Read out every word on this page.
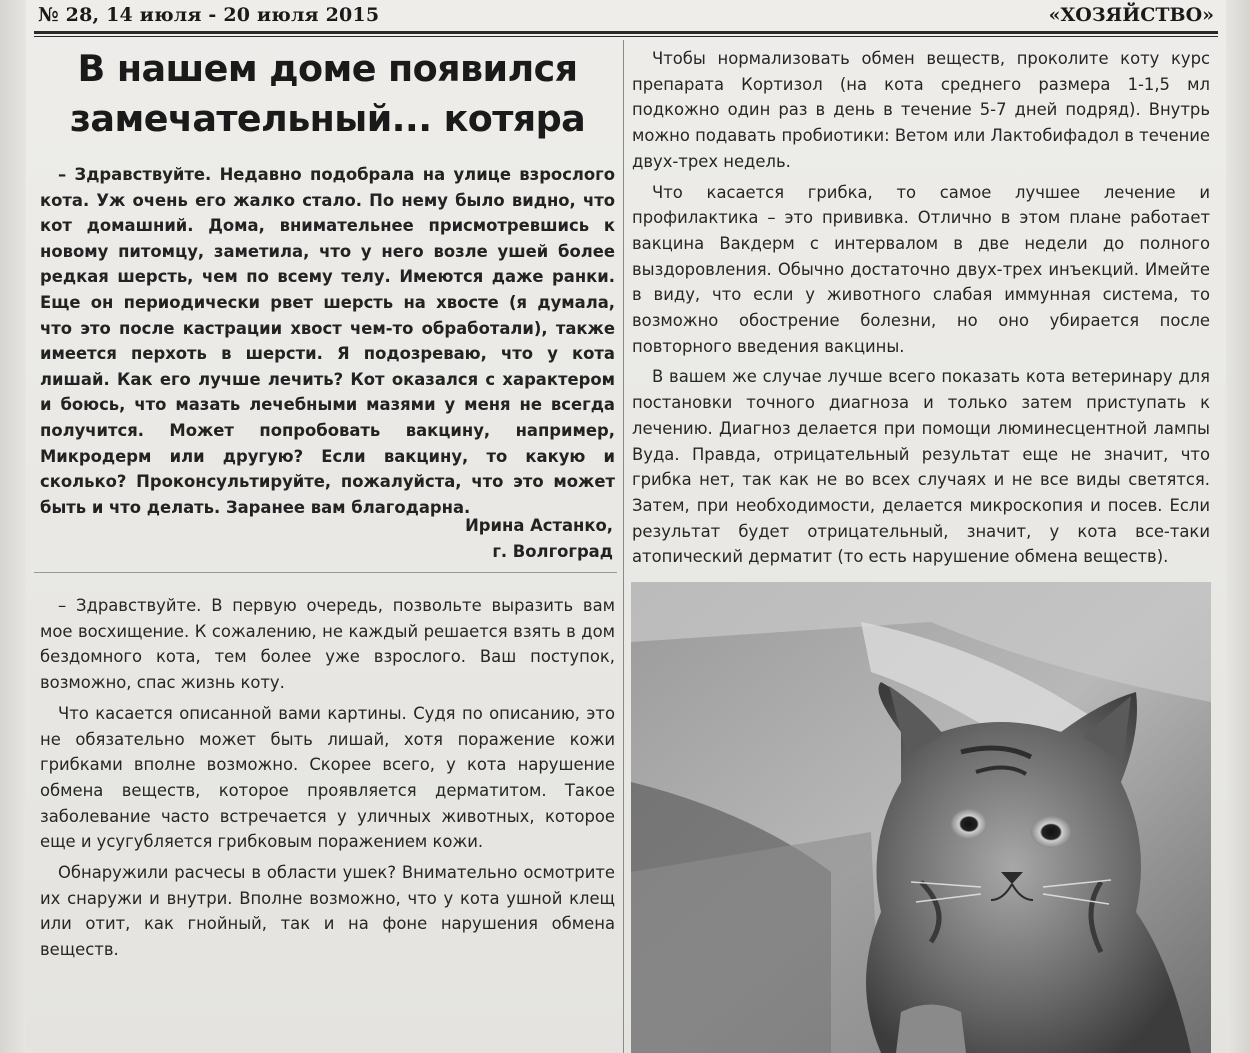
№ 28, 14 июля - 20 июля 2015	«ХОЗЯЙСТВО»
В нашем доме появился замечательный... котяра

– Здравствуйте. Недавно подобрала на улице взрослого кота. Уж очень его жалко стало. По нему было видно, что кот домашний. Дома, внимательнее присмотревшись к новому питомцу, заметила, что у него возле ушей более редкая шерсть, чем по всему телу. Имеются даже ранки. Еще он периодически рвет шерсть на хвосте (я думала, что это после кастрации хвост чем-то обработали), также имеется перхоть в шерсти. Я подозреваю, что у кота лишай. Как его лучше лечить? Кот оказался с характером и боюсь, что мазать лечебными мазями у меня не всегда получится. Может попробовать вакцину, например, Микродерм или другую? Если вакцину, то какую и сколько? Проконсультируйте, пожалуйста, что это может быть и что делать. Заранее вам благодарна.

Ирина Астанко,
г. Волгоград

– Здравствуйте. В первую очередь, позвольте выразить вам мое восхищение. К сожалению, не каждый решается взять в дом бездомного кота, тем более уже взрослого. Ваш поступок, возможно, спас жизнь коту.

Что касается описанной вами картины. Судя по описанию, это не обязательно может быть лишай, хотя поражение кожи грибками вполне возможно. Скорее всего, у кота нарушение обмена веществ, которое проявляется дерматитом. Такое заболевание часто встречается у уличных животных, которое еще и усугубляется грибковым поражением кожи.

Обнаружили расчесы в области ушек? Внимательно осмотрите их снаружи и внутри. Вполне возможно, что у кота ушной клещ или отит, как гнойный, так и на фоне нарушения обмена веществ.

Чтобы нормализовать обмен веществ, проколите коту курс препарата Кортизол (на кота среднего размера 1-1,5 мл подкожно один раз в день в течение 5-7 дней подряд). Внутрь можно подавать пробиотики: Ветом или Лактобифадол в течение двух-трех недель.

Что касается грибка, то самое лучшее лечение и профилактика – это прививка. Отлично в этом плане работает вакцина Вакдерм с интервалом в две недели до полного выздоровления. Обычно достаточно двух-трех инъекций. Имейте в виду, что если у животного слабая иммунная система, то возможно обострение болезни, но оно убирается после повторного введения вакцины.

В вашем же случае лучше всего показать кота ветеринару для постановки точного диагноза и только затем приступать к лечению. Диагноз делается при помощи люминесцентной лампы Вуда. Правда, отрицательный результат еще не значит, что грибка нет, так как не во всех случаях и не все виды светятся. Затем, при необходимости, делается микроскопия и посев. Если результат будет отрицательный, значит, у кота все-таки атопический дерматит (то есть нарушение обмена веществ).
